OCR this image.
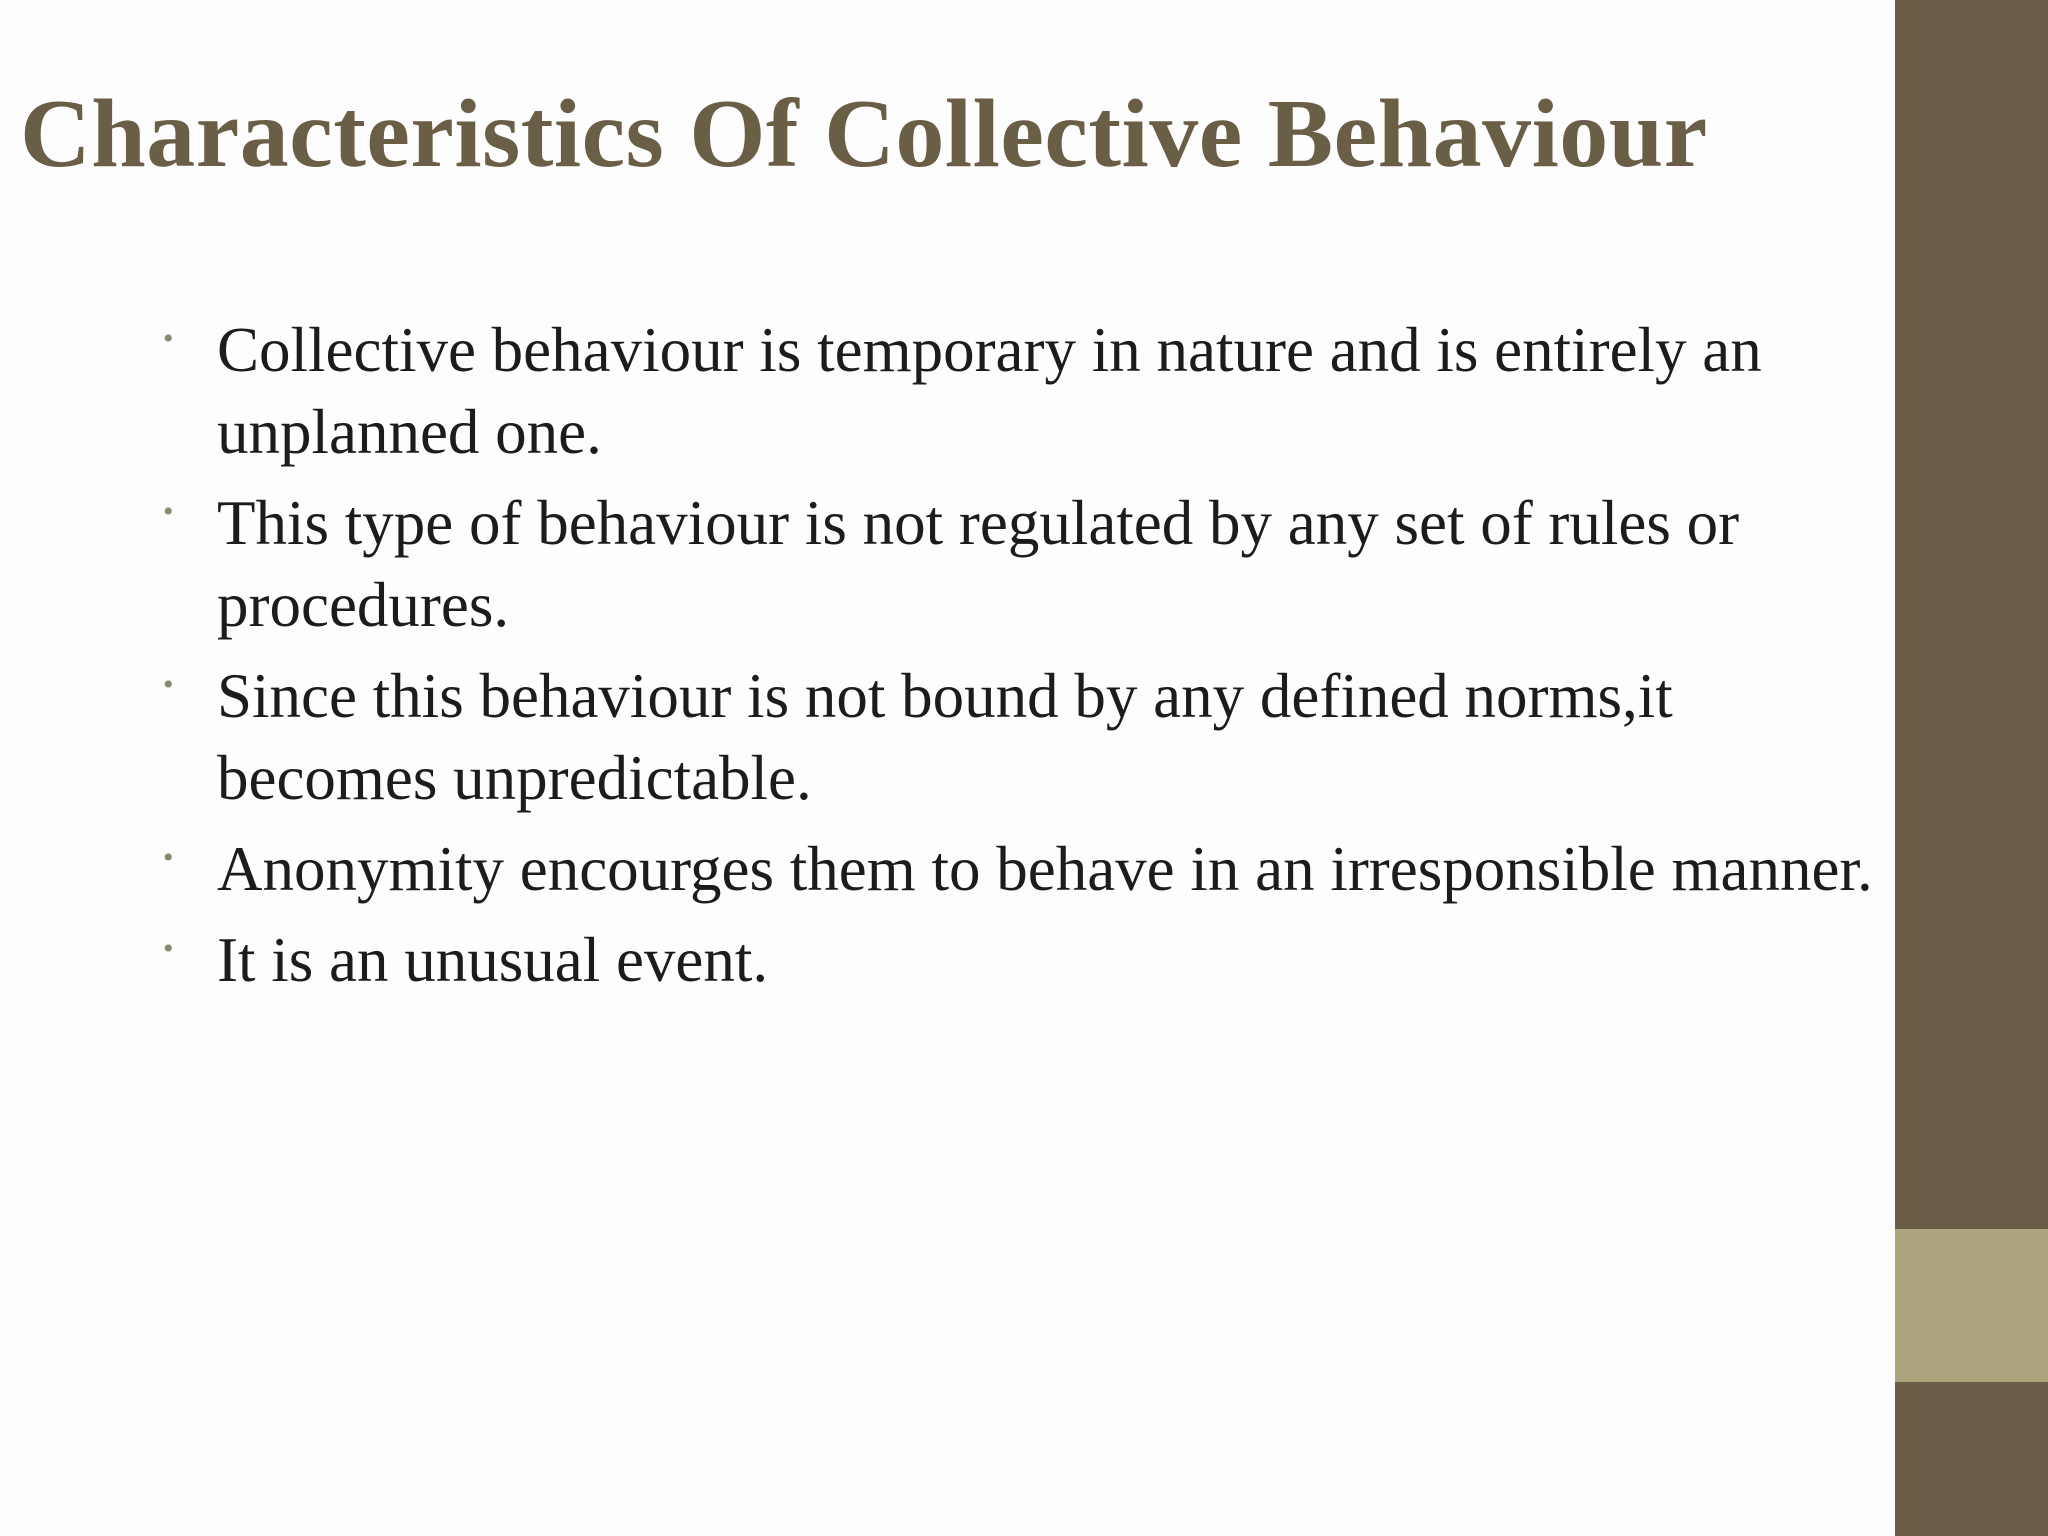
Characteristics Of Collective Behaviour
• Collective behaviour is temporary in nature and is entirely an unplanned one.
• This type of behaviour is not regulated by any set of rules or procedures.
• Since this behaviour is not bound by any defined norms,it becomes unpredictable.
• Anonymity encourges them to behave in an irresponsible manner.
• It is an unusual event.
